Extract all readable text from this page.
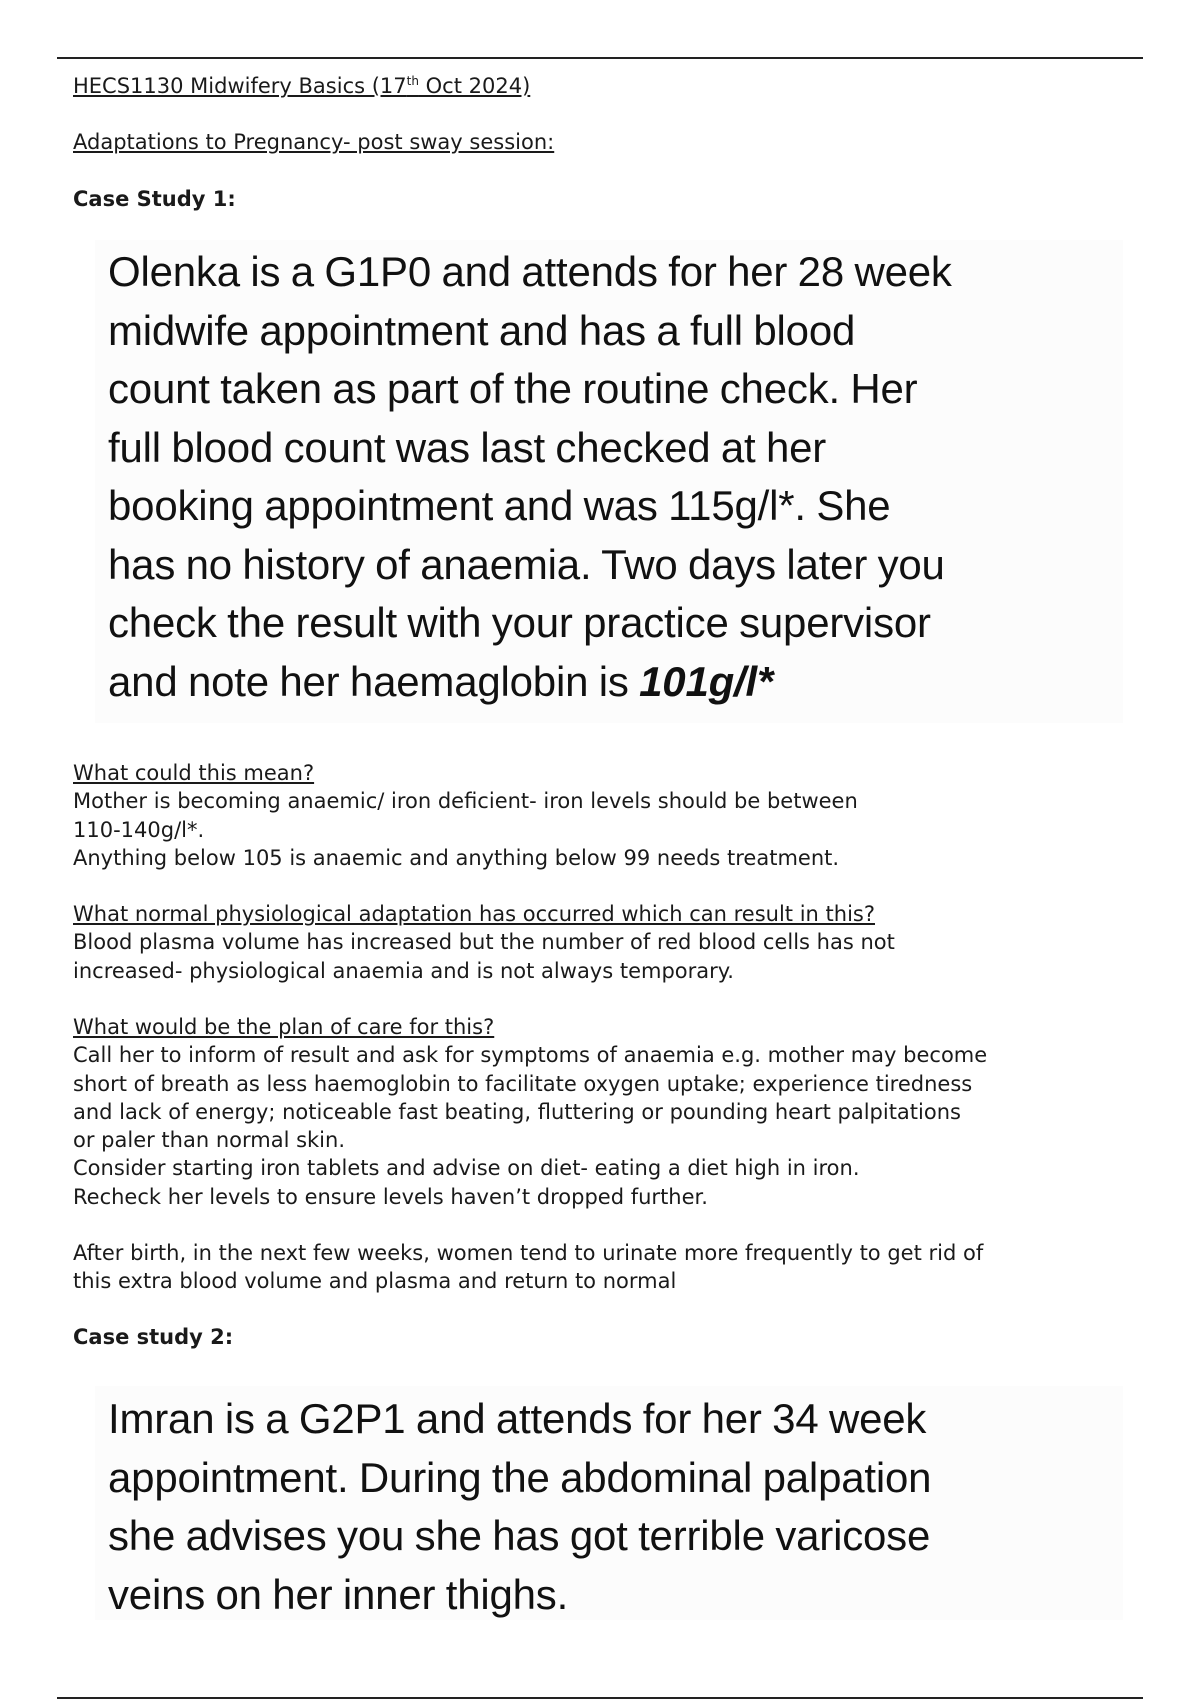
HECS1130 Midwifery Basics (17th Oct 2024)

Adaptations to Pregnancy- post sway session:

Case Study 1:

Olenka is a G1P0 and attends for her 28 week

midwife appointment and has a full blood

count taken as part of the routine check. Her

full blood count was last checked at her

booking appointment and was 115g/l*. She

has no history of anaemia. Two days later you

check the result with your practice supervisor

and note her haemaglobin is 101g/l*

What could this mean?

Mother is becoming anaemic/ iron deficient- iron levels should be between

110-140g/l*.

Anything below 105 is anaemic and anything below 99 needs treatment.

What normal physiological adaptation has occurred which can result in this?

Blood plasma volume has increased but the number of red blood cells has not

increased- physiological anaemia and is not always temporary.

What would be the plan of care for this?

Call her to inform of result and ask for symptoms of anaemia e.g. mother may become

short of breath as less haemoglobin to facilitate oxygen uptake; experience tiredness

and lack of energy; noticeable fast beating, fluttering or pounding heart palpitations

or paler than normal skin.

Consider starting iron tablets and advise on diet- eating a diet high in iron.

Recheck her levels to ensure levels haven’t dropped further.

After birth, in the next few weeks, women tend to urinate more frequently to get rid of

this extra blood volume and plasma and return to normal

Case study 2:

Imran is a G2P1 and attends for her 34 week

appointment. During the abdominal palpation

she advises you she has got terrible varicose

veins on her inner thighs.
